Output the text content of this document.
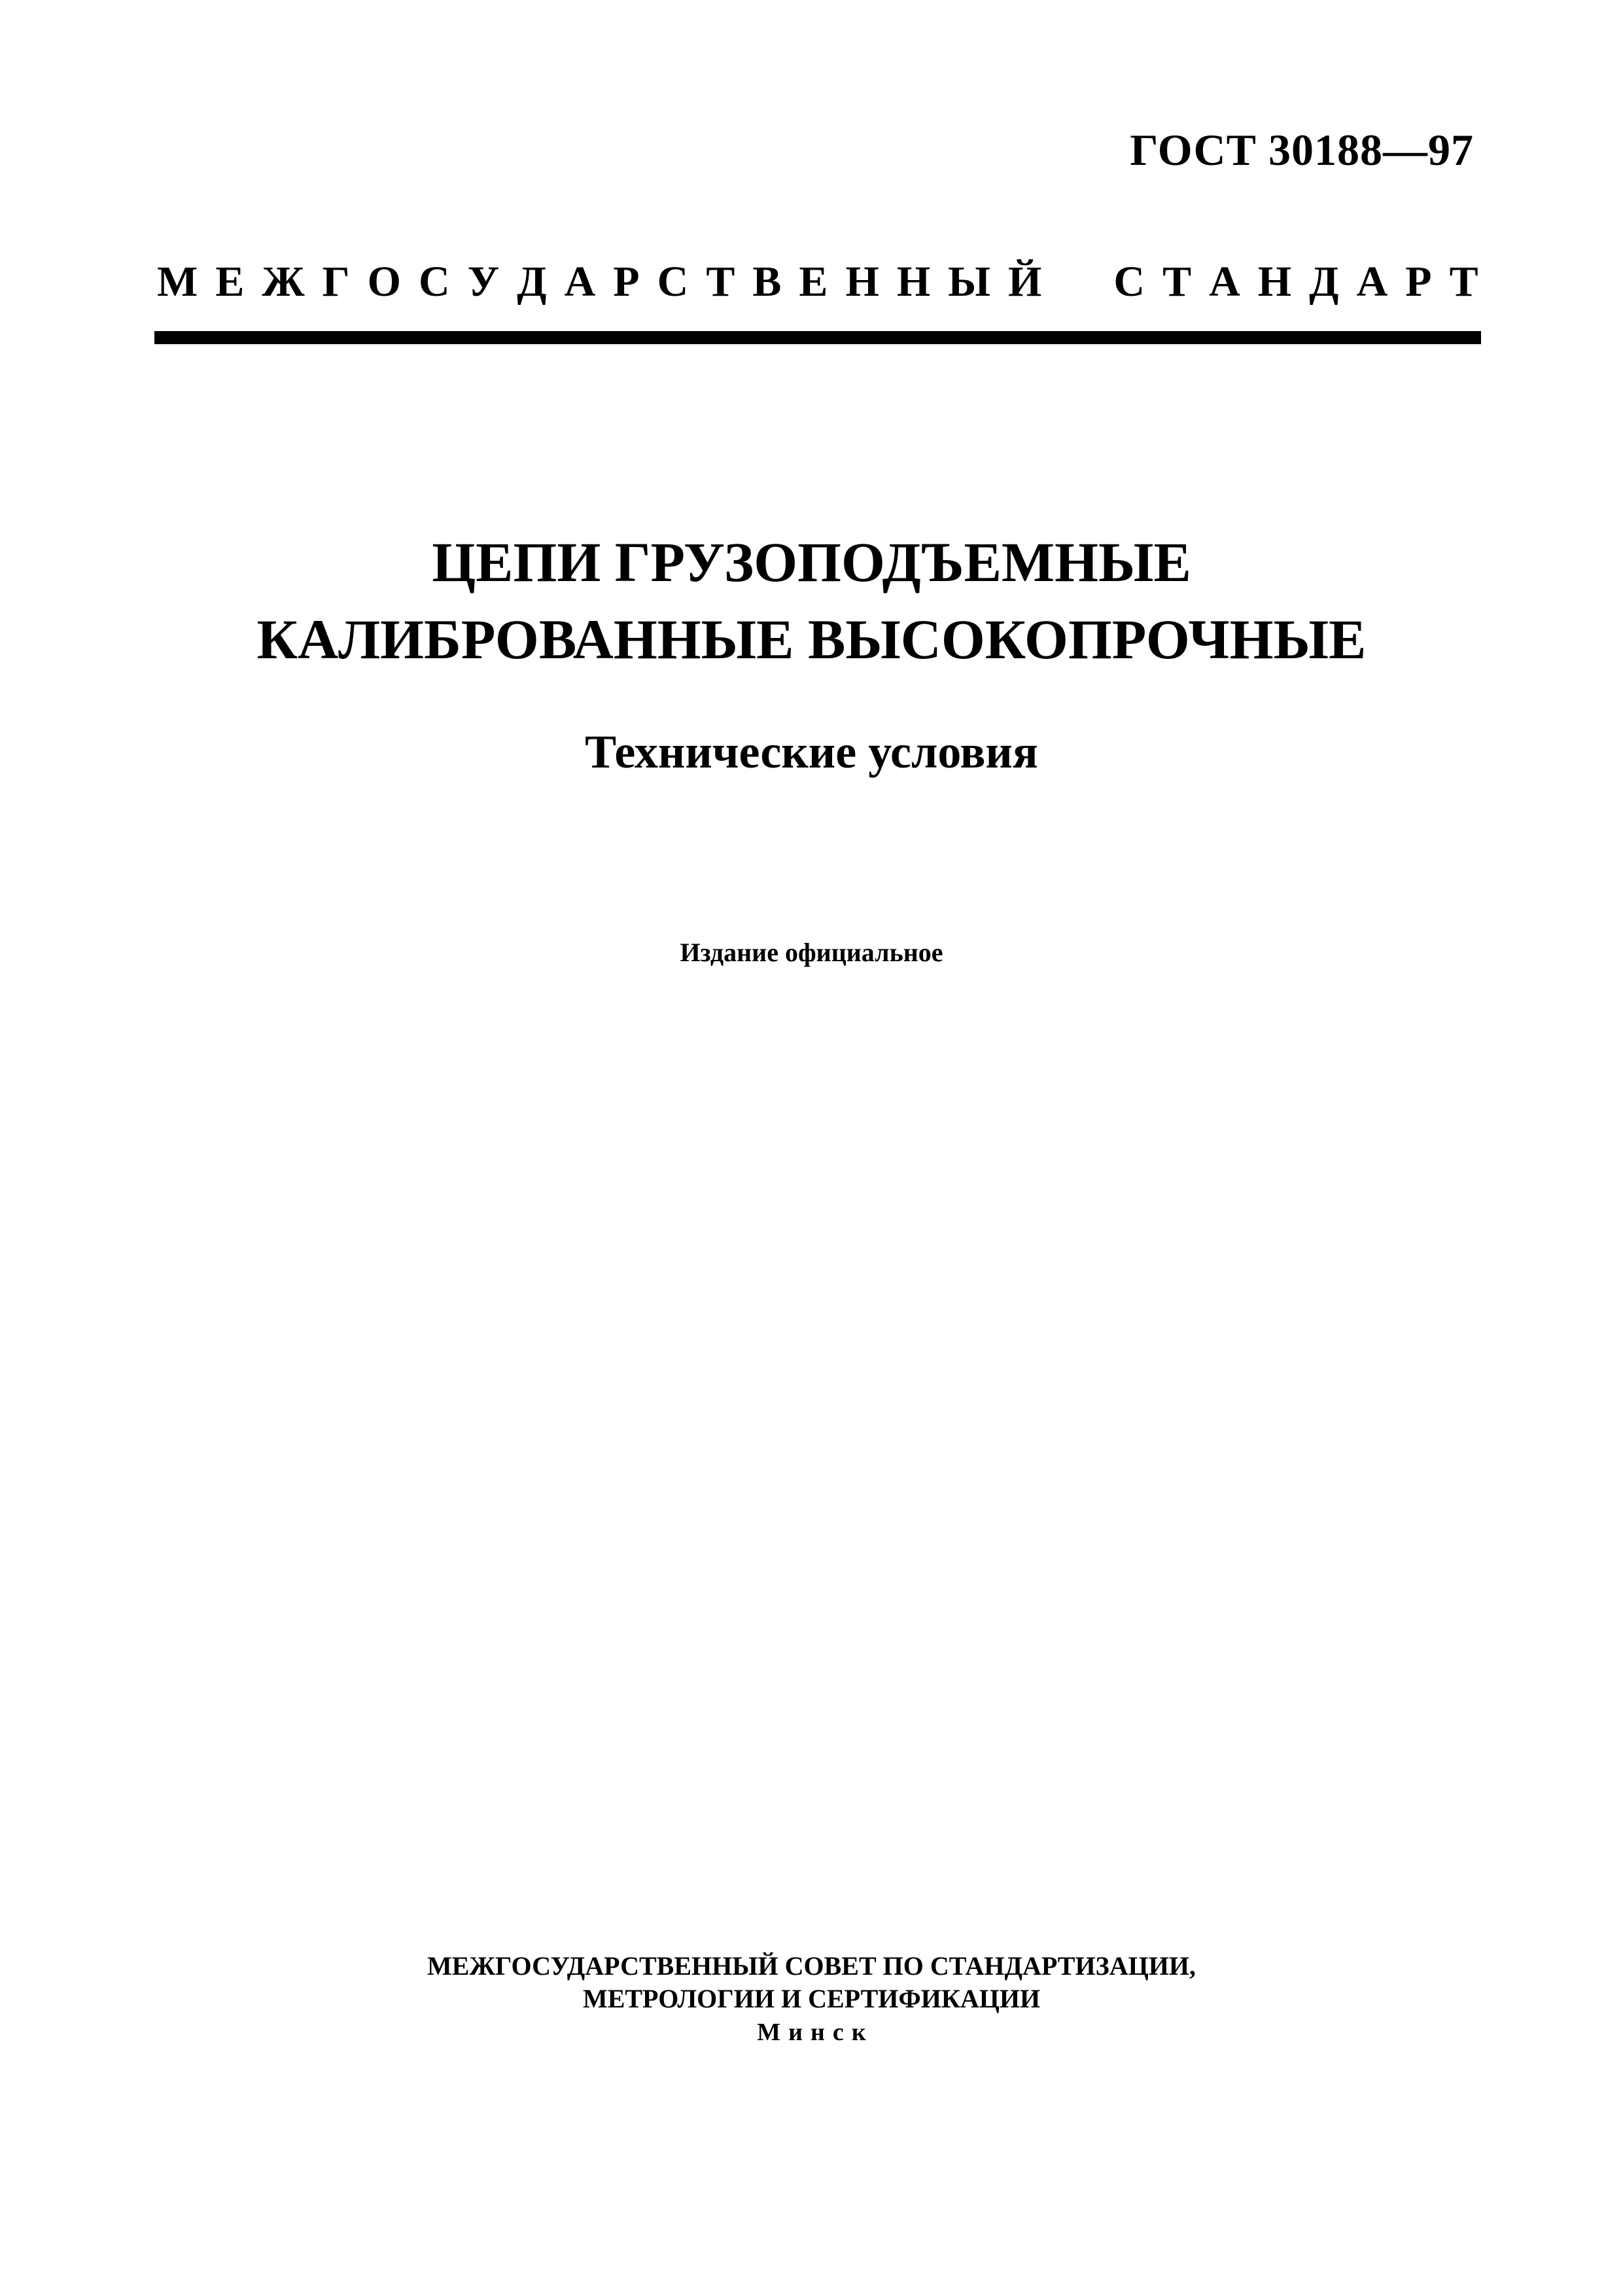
ГОСТ 30188—97
М Е Ж Г О С У Д А Р С Т В Е Н Н Ы Й С Т А Н Д А Р Т
ЦЕПИ ГРУЗОПОДЪЕМНЫЕ
КАЛИБРОВАННЫЕ ВЫСОКОПРОЧНЫЕ
Технические условия
Издание официальное
МЕЖГОСУДАРСТВЕННЫЙ СОВЕТ ПО СТАНДАРТИЗАЦИИ,
МЕТРОЛОГИИ И СЕРТИФИКАЦИИ
Минск
